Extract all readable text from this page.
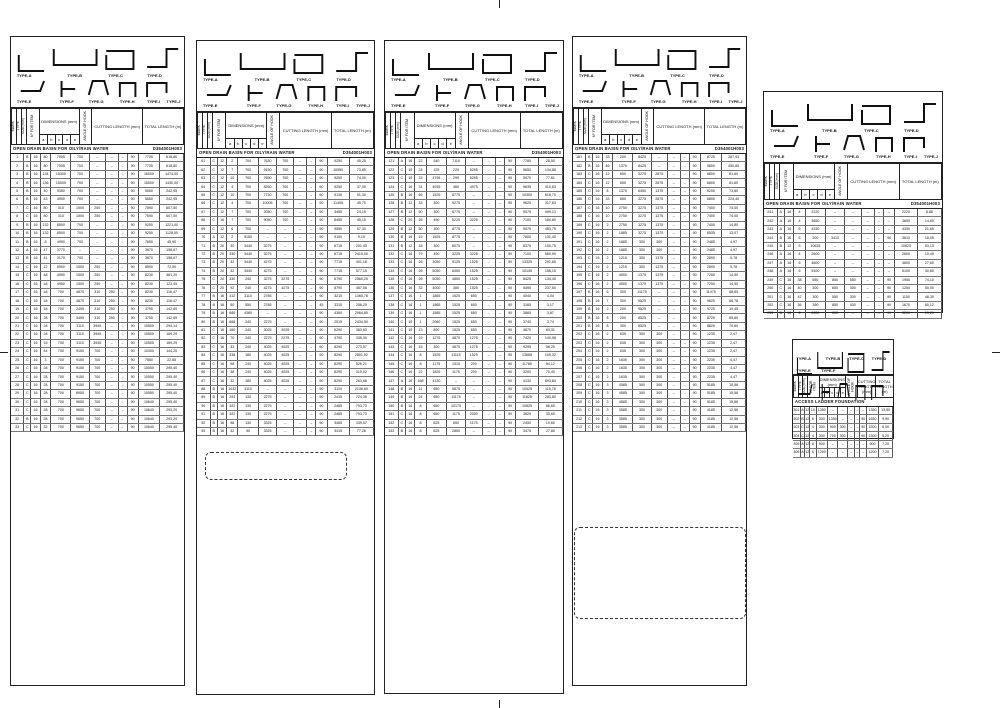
TYPE-A	TYPE-B	TYPE-C	TYPE-D
TYPE-E	TYPE-F	TYPE-G	TYPE-H	TYPE-I TYPE-J
MARK	TYPE	SIZE(mm)	Nº FOR ITEM	DIMENSIONS (mm)					ANGLE OF HOOK	CUTTING LENGTH (mm)	TOTAL LENGTH (m)
				a	b	c	d	e			
OPEN DRAIN BASIN FOR OILY/RAIN WATER	D354001H003
1	B	16	80	7005	700	–	–	–	90	7735	618,80
2	B	16	80	7005	700	–	–	–	90	7735	618,80
3	B	16	134	15300	700	–	–	–	90	16000	1474,00
4	B	16	136	15000	700	–	–	–	90	15000	1430,00
5	B	16	40	9350	700	–	–	–	90	9050	242,95
6	B	16	43	4950	700	–	–	–	90	5650	242,95
7	C	16	80	310	1500	250	–	–	90	7590	607,50
8	C	16	80	310	1500	250	–	–	90	7590	607,50
9	B	16	132	8500	700	–	–	–	90	9250	1221,00
10	B	16	132	8500	700	–	–	–	90	9250	1128,50
11	B	16	8	4950	700	–	–	–	90	7650	45,90
12	A	16	47	3770	–	–	–	–	90	3870	158,67
13	B	16	41	3170	700	–	–	–	90	3870	158,67
14	C	16	12	5900	1500	250	–	–	90	8590	72,00
15	C	16	48	4950	1500	250	–	–	90	8230	481,20
16	C	16	18	4950	1500	250	–	–	90	8230	123,45
17	C	16	18	700	4870	310	250	–	90	8230	116,47
18	C	16	18	700	4870	310	250	–	90	8230	116,47
19	C	16	18	700	2495	310	250	–	90	3755	142,69
20	C	16	28	700	3495	310	250	–	90	3755	142,69
21	C	16	28	700	3110	3945	–	–	90	10505	294,14
22	C	16	28	700	3110	3945	–	–	90	10505	169,29
23	C	16	15	700	3110	3945	–	–	90	10505	169,29
24	C	16	44	700	9150	700	–	–	90	10300	144,20
25	C	16	3	700	9150	700	–	–	90	7550	22,65
26	C	16	28	700	9150	700	–	–	90	10550	295,40
27	C	16	28	700	9150	700	–	–	90	10550	295,40
28	C	16	28	700	9150	700	–	–	90	10550	295,40
29	C	16	28	700	8950	700	–	–	90	10550	295,40
30	C	16	28	700	9650	700	–	–	90	10640	295,40
31	C	16	28	700	9650	700	–	–	90	10640	293,20
32	B	16	28	700	9650	700	–	–	90	10640	293,20
33	C	16	32	700	9650	700	–	–	90	10640	295,40
TYPE-A	TYPE-B	TYPE-C	TYPE-D
TYPE-E	TYPE-F	TYPE-G	TYPE-H	TYPE-I TYPE-J
MARK	TYPE	SIZE(mm)	Nº FOR ITEM	DIMENSIONS (mm)					ANGLE OF HOOK	CUTTING LENGTH (mm)	TOTAL LENGTH (m)
				a	b	c	d	e			
OPEN DRAIN BASIN FOR OILY/RAIN WATER	D354001H003
61	C	12	2	700	7630	700	–	–	90	9250	45,25
62	C	12	7	700	9150	700	–	–	90	10550	73,85
63	C	12	10	700	7650	700	–	–	90	9250	74,00
64	C	12	4	700	8250	700	–	–	90	9250	37,00
65	C	12	10	700	7730	700	–	–	90	9130	91,30
66	C	12	4	700	10005	700	–	–	90	11405	45,70
67	C	12	7	700	2050	700	–	–	90	3450	24,15
68	C	16	7	700	9050	700	–	–	90	8450	45,15
69	C	12	6	700	–	–	–	–	90	9550	57,30
70	A	12	2	9150	–	–	–	–	90	9150	9,15
71	B	20	30	3440	3275	–	–	–	90	6715	201,45
72	B	20	330	3440	3275	–	–	–	90	6715	2415,00
73	B	20	32	3440	4275	–	–	–	90	7715	401,18
74	B	20	32	3440	4275	–	–	–	90	7715	577,15
75	C	20	330	240	3275	3275	–	–	90	6790	2560,20
76	C	20	92	240	4275	4275	–	–	90	8790	457,08
77	B	16	412	3110	2785	–	–	–	90	3215	1365,78
78	B	16	50	550	2785	–	–	–	45	3315	256,25
79	B	16	680	4360	–	–	–	–	90	4360	2964,80
80	B	16	668	240	2275	–	–	–	90	2515	2434,50
81	C	16	160	240	3025	3025	–	–	90	6290	363,63
82	C	16	70	240	2275	2275	–	–	90	4790	335,30
83	C	16	33	240	4025	4025	–	–	90	8290	273,57
84	C	16	338	180	4025	4025	–	–	90	8290	2801,02
85	C	16	98	240	4025	4025	–	–	90	8290	526,21
86	C	16	38	240	4025	4025	–	–	90	8290	315,02
87	C	16	32	180	4025	4025	–	–	90	8290	263,68
88	B	16	1032	3110	–	–	–	–	90	3110	2136,60
89	B	16	293	130	2275	–	–	–	90	2415	724,38
90	B	16	322	130	2275	–	–	–	90	2465	793,73
91	B	16	322	130	2275	–	–	–	90	2465	793,73
92	B	16	98	130	3325	–	–	–	90	3465	339,57
93	B	16	32	90	3325	–	–	–	90	3415	77,28
TYPE-A	TYPE-B	TYPE-C	TYPE-D
TYPE-E	TYPE-F	TYPE-G	TYPE-H	TYPE-I TYPE-J
MARK	TYPE	SIZE(mm)	Nº FOR ITEM	DIMENSIONS (mm)					ANGLE OF HOOK	CUTTING LENGTH (mm)	TOTAL LENGTH (m)
				a	b	c	d	e			
OPEN DRAIN BASIN FOR OILY/RAIN WATER	D354001H003
121	A	16	22	340	7110	–	–	–	90	7780	28,50
122	C	16	24	125	229	5295	–	–	90	5650	134,88
123	C	16	15	4795	299	5295	–	–	90	5970	77,61
124	C	16	31	4935	460	4975	–	–	90	9635	410,63
125	B	16	65	1525	8775	–	–	–	90	10300	616,70
126	B	12	33	300	9275	–	–	–	90	9625	317,63
127	B	12	50	300	8775	–	–	–	90	9075	499,13
128	C	20	26	490	5225	3225	–	–	90	7100	184,60
129	B	12	50	300	8775	–	–	–	90	9075	453,75
130	B	16	19	1525	8775	–	–	–	90	7600	131,40
131	B	12	18	300	8075	–	–	–	90	8375	150,75
132	C	16	79	490	3225	3225	–	–	90	7100	560,90
133	C	16	26	3050	9125	1525	–	–	90	13325	291,65
134	C	16	26	5050	6450	1525	–	–	90	10145	156,15
135	C	16	26	5050	4850	1525	–	–	90	8425	134,40
136	C	16	32	4000	380	1525	–	–	90	5495	237,50
137	C	16	1	1865	1525	650	–	–	90	4040	4,04
138	C	16	1	1865	1525	650	–	–	90	3165	3,17
139	C	16	1	1585	1525	650	–	–	90	3865	3,87
140	C	16	1	2060	1525	650	–	–	90	3740	3,74
141	C	16	13	890	1525	650	–	–	90	4870	63,31
142	C	16	19	1275	4870	1275	–	–	90	7420	140,98
143	C	16	15	300	4870	1275	–	–	90	9295	58,25
144	C	16	8	1525	11115	1525	–	–	90	13665	109,32
145	C	16	8	1175	1510	200	–	–	90	11765	94,12
146	C	16	22	1825	1175	200	–	–	90	3200	70,40
147	A	16	168	4130	–	–	–	–	90	4130	693,84
148	B	16	11	650	9875	–	–	–	90	10525	115,78
149	B	16	24	650	11175	–	–	–	90	11825	283,80
150	B	16	8	650	10175	–	–	–	90	10825	86,60
151	C	16	8	650	1175	2000	–	–	90	3825	30,60
152	C	16	8	625	650	1175	–	–	90	2450	19,60
153	B	16	8	625	2850	–	–	–	90	3475	27,80
TYPE-A	TYPE-B	TYPE-C	TYPE-D
TYPE-E	TYPE-F	TYPE-G	TYPE-H	TYPE-I TYPE-J
MARK	TYPE	SIZE(mm)	Nº FOR ITEM	DIMENSIONS (mm)					ANGLE OF HOOK	CUTTING LENGTH (mm)	TOTAL LENGTH (m)
				a	b	c	d	e			
OPEN DRAIN BASIN FOR OILY/RAIN WATER	D354001H003
181	B	16	33	200	8425	–	–	–	90	8725	287,93
182	B	16	46	1375	8425	–	–	–	90	9800	450,80
183	C	16	12	650	3275	2875	–	–	90	6800	81,60
184	C	16	12	650	3275	2875	–	–	90	6800	81,60
185	C	16	8	1375	6450	1375	–	–	90	9200	73,60
186	C	16	33	650	3275	2875	–	–	90	6800	224,40
187	C	16	10	2750	3275	1375	–	–	90	7400	74,00
188	C	16	10	2750	3275	1375	–	–	90	7400	74,00
189	C	16	2	2750	3275	1375	–	–	90	7400	14,80
190	C	16	2	1885	3275	1375	–	–	90	6535	13,07
191	C	16	2	1885	300	300	–	–	90	2485	4,97
192	C	16	2	1885	300	300	–	–	90	2485	4,97
193	C	16	2	1215	300	1375	–	–	90	2890	5,78
194	C	16	2	1215	300	1375	–	–	90	2890	5,78
195	C	16	2	4500	1375	1375	–	–	90	7250	14,50
196	C	16	2	4500	1375	1375	–	–	90	7250	14,50
197	B	16	6	300	11175	–	–	–	90	11475	68,85
198	B	16	7	300	9525	–	–	–	90	9825	68,78
199	B	16	2	200	9525	–	–	–	90	9725	19,45
200	B	16	8	200	8525	–	–	–	90	8725	69,80
201	B	16	8	300	8525	–	–	–	90	8825	70,60
202	C	16	2	635	300	300	–	–	90	1235	2,47
203	C	16	2	635	300	300	–	–	90	1235	2,47
204	C	16	2	635	300	300	–	–	90	1235	2,47
205	C	16	2	1635	300	300	–	–	90	2235	4,47
206	C	16	2	1635	300	300	–	–	90	2235	4,47
207	C	16	2	1635	300	300	–	–	90	2235	4,47
208	C	16	3	4585	300	300	–	–	90	5185	15,56
209	C	16	3	4585	300	300	–	–	90	5185	15,56
210	C	16	3	4585	300	300	–	–	90	5185	15,56
211	C	16	3	3585	300	300	–	–	90	4185	12,56
212	C	16	3	3585	300	300	–	–	90	4185	12,56
213	C	16	3	3585	300	300	–	–	90	4185	12,56
TYPE-A	TYPE-B	TYPE-C	TYPE-D
TYPE-E	TYPE-F	TYPE-G	TYPE-H	TYPE-I TYPE-J
MARK	TYPE	SIZE(mm)	Nº FOR ITEM	DIMENSIONS (mm)					ANGLE OF HOOK	CUTTING LENGTH (mm)	TOTAL LENGTH (m)
				a	b	c	d	e			
OPEN DRAIN BASIN FOR OILY/RAIN WATER	D354001H003
241	A	16	4	2220	–	–	–	–	–	2220	8,88
242	A	16	4	3650	–	–	–	–	–	3650	14,60
243	A	16	5	4330	–	–	–	–	–	4330	21,65
244	B	16	5	200	3410	–	–	–	90	3610	18,05
245	B	12	5	10625	–	–	–	–	–	10625	53,13
246	A	16	4	2600	–	–	–	–	–	2600	10,40
247	A	16	6	4600	–	–	–	–	–	4600	27,60
248	A	16	6	5100	–	–	–	–	–	5100	30,60
249	C	16	38	550	850	550	–	–	90	1950	74,10
250	C	16	40	300	650	300	–	–	90	1250	50,00
251	C	16	42	300	550	300	–	–	90	1150	48,30
252	C	16	36	390	850	430	–	–	90	1670	60,12
253	B	16	6	2600	600	–	–	–	90	3200	19,20
TYPE-A	TYPE-B TYPE-C TYPE-D
TYPE-E	TYPE-F
MARK	TYPE	SIZE(mm)	Nº FOR ITEM	DIMENSIONS (mm)					ANGLE OF HOOK	CUTTING LENGTH (mm)	TOTAL LENGTH (m)
				a	b	c	d	e			
ACCESS LADDER FOUNDATION
301	A	12	10	1350	–	–	–	–	–	1350	13,50
302	B	12	6	300	1350	–	–	–	90	1650	9,90
303	C	12	4	300	900	300	–	–	90	1500	6,00
304	C	12	4	300	700	300	–	–	90	1300	5,20
305	A	12	8	900	–	–	–	–	–	900	7,20
306	A	12	6	1200	–	–	–	–	–	1200	7,20
